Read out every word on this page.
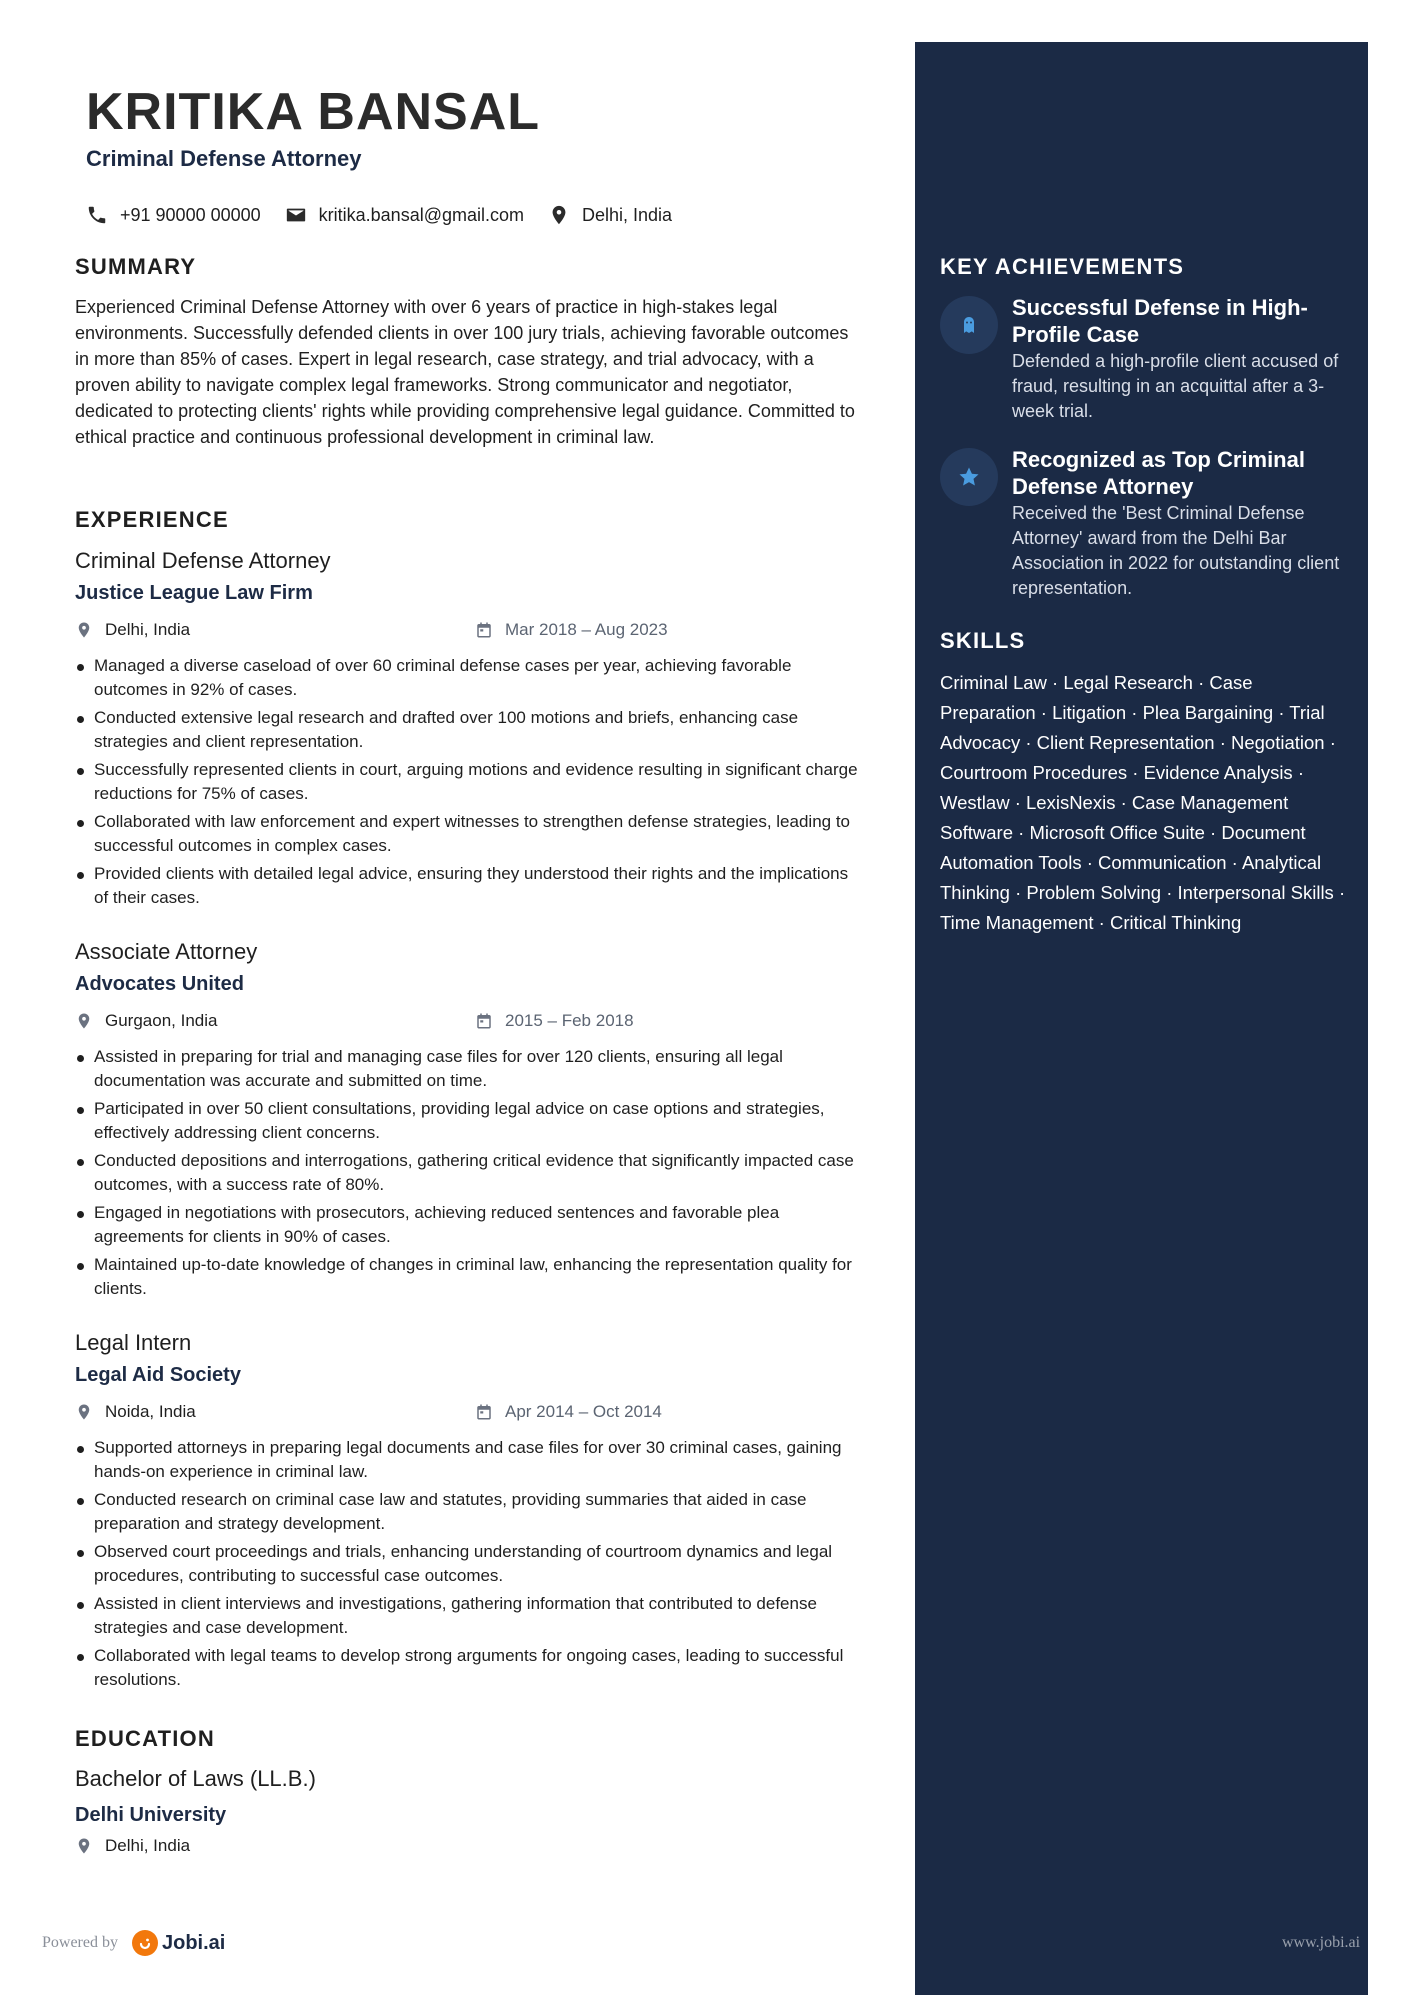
KRITIKA BANSAL
Criminal Defense Attorney
+91 90000 00000	kritika.bansal@gmail.com	Delhi, India
SUMMARY
Experienced Criminal Defense Attorney with over 6 years of practice in high-stakes legal environments. Successfully defended clients in over 100 jury trials, achieving favorable outcomes in more than 85% of cases. Expert in legal research, case strategy, and trial advocacy, with a proven ability to navigate complex legal frameworks. Strong communicator and negotiator, dedicated to protecting clients' rights while providing comprehensive legal guidance. Committed to ethical practice and continuous professional development in criminal law.
EXPERIENCE
Criminal Defense Attorney
Justice League Law Firm
Delhi, India	Mar 2018 – Aug 2023
Managed a diverse caseload of over 60 criminal defense cases per year, achieving favorable outcomes in 92% of cases.
Conducted extensive legal research and drafted over 100 motions and briefs, enhancing case strategies and client representation.
Successfully represented clients in court, arguing motions and evidence resulting in significant charge reductions for 75% of cases.
Collaborated with law enforcement and expert witnesses to strengthen defense strategies, leading to successful outcomes in complex cases.
Provided clients with detailed legal advice, ensuring they understood their rights and the implications of their cases.
Associate Attorney
Advocates United
Gurgaon, India	2015 – Feb 2018
Assisted in preparing for trial and managing case files for over 120 clients, ensuring all legal documentation was accurate and submitted on time.
Participated in over 50 client consultations, providing legal advice on case options and strategies, effectively addressing client concerns.
Conducted depositions and interrogations, gathering critical evidence that significantly impacted case outcomes, with a success rate of 80%.
Engaged in negotiations with prosecutors, achieving reduced sentences and favorable plea agreements for clients in 90% of cases.
Maintained up-to-date knowledge of changes in criminal law, enhancing the representation quality for clients.
Legal Intern
Legal Aid Society
Noida, India	Apr 2014 – Oct 2014
Supported attorneys in preparing legal documents and case files for over 30 criminal cases, gaining hands-on experience in criminal law.
Conducted research on criminal case law and statutes, providing summaries that aided in case preparation and strategy development.
Observed court proceedings and trials, enhancing understanding of courtroom dynamics and legal procedures, contributing to successful case outcomes.
Assisted in client interviews and investigations, gathering information that contributed to defense strategies and case development.
Collaborated with legal teams to develop strong arguments for ongoing cases, leading to successful resolutions.
EDUCATION
Bachelor of Laws (LL.B.)
Delhi University
Delhi, India
Powered by Jobi.ai
KEY ACHIEVEMENTS
Successful Defense in High-Profile Case
Defended a high-profile client accused of fraud, resulting in an acquittal after a 3-week trial.
Recognized as Top Criminal Defense Attorney
Received the 'Best Criminal Defense Attorney' award from the Delhi Bar Association in 2022 for outstanding client representation.
SKILLS
Criminal Law · Legal Research · Case Preparation · Litigation · Plea Bargaining · Trial Advocacy · Client Representation · Negotiation · Courtroom Procedures · Evidence Analysis · Westlaw · LexisNexis · Case Management Software · Microsoft Office Suite · Document Automation Tools · Communication · Analytical Thinking · Problem Solving · Interpersonal Skills · Time Management · Critical Thinking
www.jobi.ai
